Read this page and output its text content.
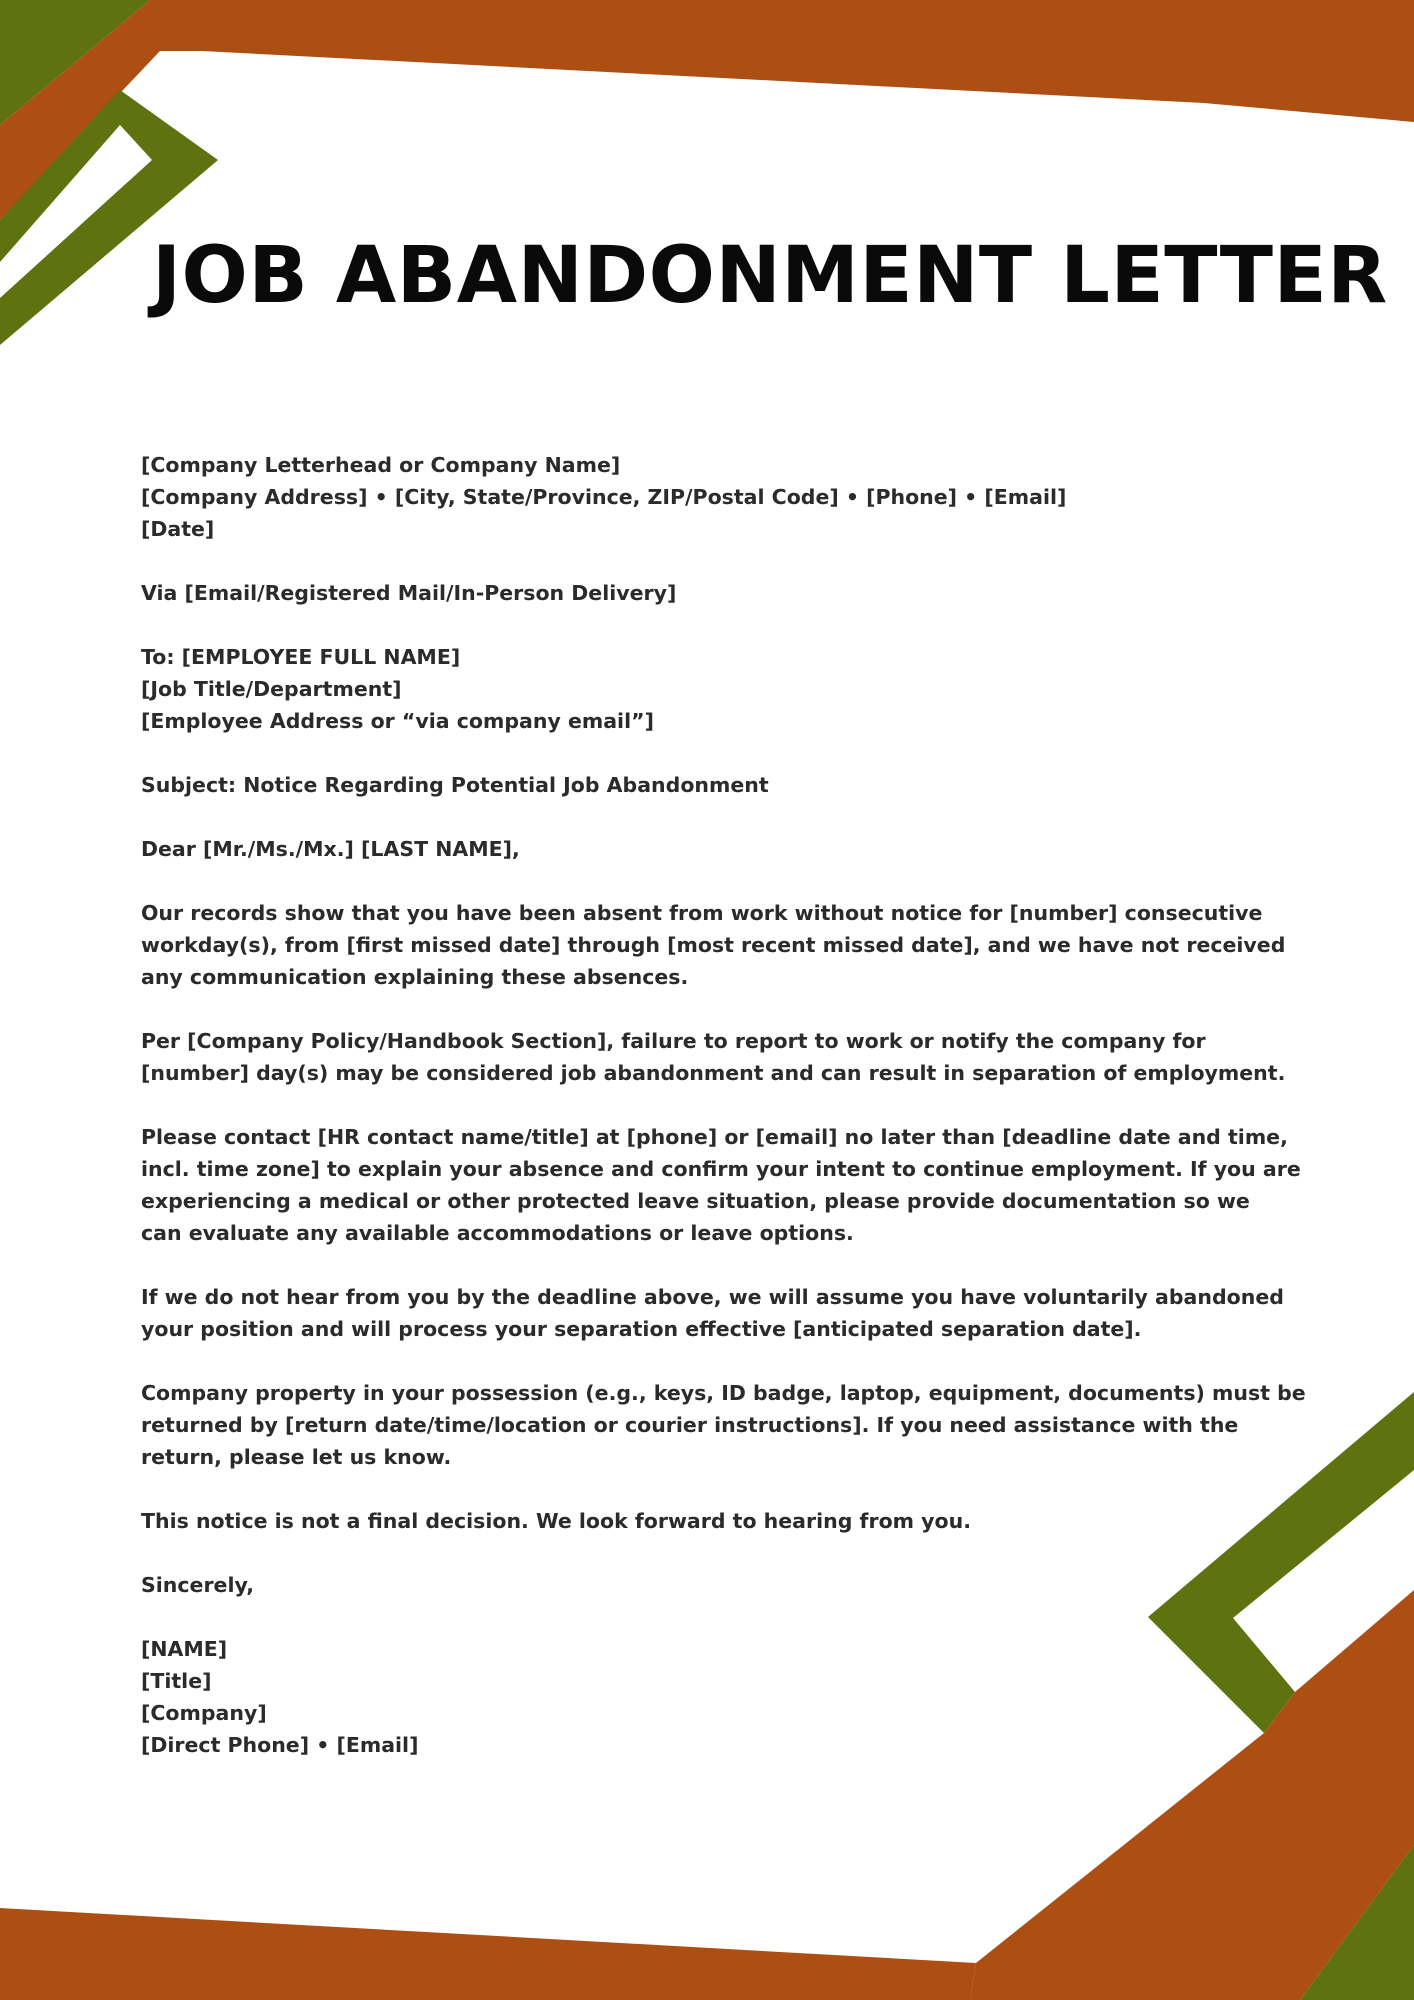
JOB ABANDONMENT LETTER
[Company Letterhead or Company Name]
[Company Address] • [City, State/Province, ZIP/Postal Code] • [Phone] • [Email]
[Date]
Via [Email/Registered Mail/In-Person Delivery]
To: [EMPLOYEE FULL NAME]
[Job Title/Department]
[Employee Address or “via company email”]
Subject: Notice Regarding Potential Job Abandonment
Dear [Mr./Ms./Mx.] [LAST NAME],
Our records show that you have been absent from work without notice for [number] consecutive
workday(s), from [first missed date] through [most recent missed date], and we have not received
any communication explaining these absences.
Per [Company Policy/Handbook Section], failure to report to work or notify the company for
[number] day(s) may be considered job abandonment and can result in separation of employment.
Please contact [HR contact name/title] at [phone] or [email] no later than [deadline date and time,
incl. time zone] to explain your absence and confirm your intent to continue employment. If you are
experiencing a medical or other protected leave situation, please provide documentation so we
can evaluate any available accommodations or leave options.
If we do not hear from you by the deadline above, we will assume you have voluntarily abandoned
your position and will process your separation effective [anticipated separation date].
Company property in your possession (e.g., keys, ID badge, laptop, equipment, documents) must be
returned by [return date/time/location or courier instructions]. If you need assistance with the
return, please let us know.
This notice is not a final decision. We look forward to hearing from you.
Sincerely,
[NAME]
[Title]
[Company]
[Direct Phone] • [Email]
